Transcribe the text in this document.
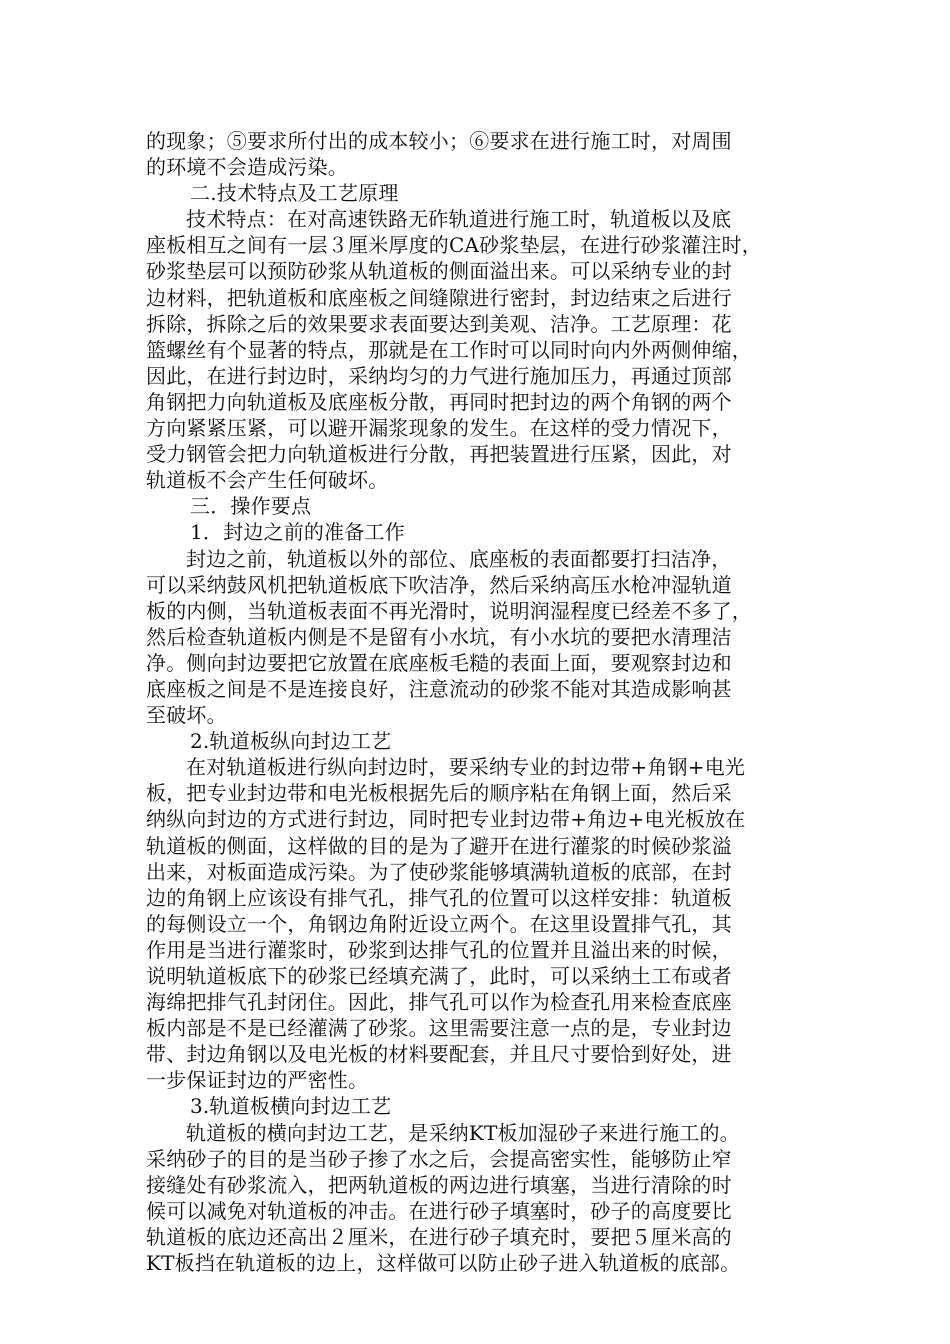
的现象；⑤要求所付出的成本较小；⑥要求在进行施工时，对周围
的环境不会造成污染。
二.技术特点及工艺原理
技术特点：在对高速铁路无砟轨道进行施工时，轨道板以及底
座板相互之间有一层３厘米厚度的CA砂浆垫层，在进行砂浆灌注时，
砂浆垫层可以预防砂浆从轨道板的侧面溢出来。可以采纳专业的封
边材料，把轨道板和底座板之间缝隙进行密封，封边结束之后进行
拆除，拆除之后的效果要求表面要达到美观、洁净。工艺原理：花
篮螺丝有个显著的特点，那就是在工作时可以同时向内外两侧伸缩，
因此，在进行封边时，采纳均匀的力气进行施加压力，再通过顶部
角钢把力向轨道板及底座板分散，再同时把封边的两个角钢的两个
方向紧紧压紧，可以避开漏浆现象的发生。在这样的受力情况下，
受力钢管会把力向轨道板进行分散，再把装置进行压紧，因此，对
轨道板不会产生任何破坏。
三．操作要点
1．封边之前的准备工作
封边之前，轨道板以外的部位、底座板的表面都要打扫洁净，
可以采纳鼓风机把轨道板底下吹洁净，然后采纳高压水枪冲湿轨道
板的内侧，当轨道板表面不再光滑时，说明润湿程度已经差不多了，
然后检查轨道板内侧是不是留有小水坑，有小水坑的要把水清理洁
净。侧向封边要把它放置在底座板毛糙的表面上面，要观察封边和
底座板之间是不是连接良好，注意流动的砂浆不能对其造成影响甚
至破坏。
2.轨道板纵向封边工艺
在对轨道板进行纵向封边时，要采纳专业的封边带+角钢+电光
板，把专业封边带和电光板根据先后的顺序粘在角钢上面，然后采
纳纵向封边的方式进行封边，同时把专业封边带+角边+电光板放在
轨道板的侧面，这样做的目的是为了避开在进行灌浆的时候砂浆溢
出来，对板面造成污染。为了使砂浆能够填满轨道板的底部，在封
边的角钢上应该设有排气孔，排气孔的位置可以这样安排：轨道板
的每侧设立一个，角钢边角附近设立两个。在这里设置排气孔，其
作用是当进行灌浆时，砂浆到达排气孔的位置并且溢出来的时候，
说明轨道板底下的砂浆已经填充满了，此时，可以采纳土工布或者
海绵把排气孔封闭住。因此，排气孔可以作为检查孔用来检查底座
板内部是不是已经灌满了砂浆。这里需要注意一点的是，专业封边
带、封边角钢以及电光板的材料要配套，并且尺寸要恰到好处，进
一步保证封边的严密性。
3.轨道板横向封边工艺
轨道板的横向封边工艺，是采纳KT板加湿砂子来进行施工的。
采纳砂子的目的是当砂子掺了水之后，会提高密实性，能够防止窄
接缝处有砂浆流入，把两轨道板的两边进行填塞，当进行清除的时
候可以减免对轨道板的冲击。在进行砂子填塞时，砂子的高度要比
轨道板的底边还高出２厘米，在进行砂子填充时，要把５厘米高的
KT板挡在轨道板的边上，这样做可以防止砂子进入轨道板的底部。
